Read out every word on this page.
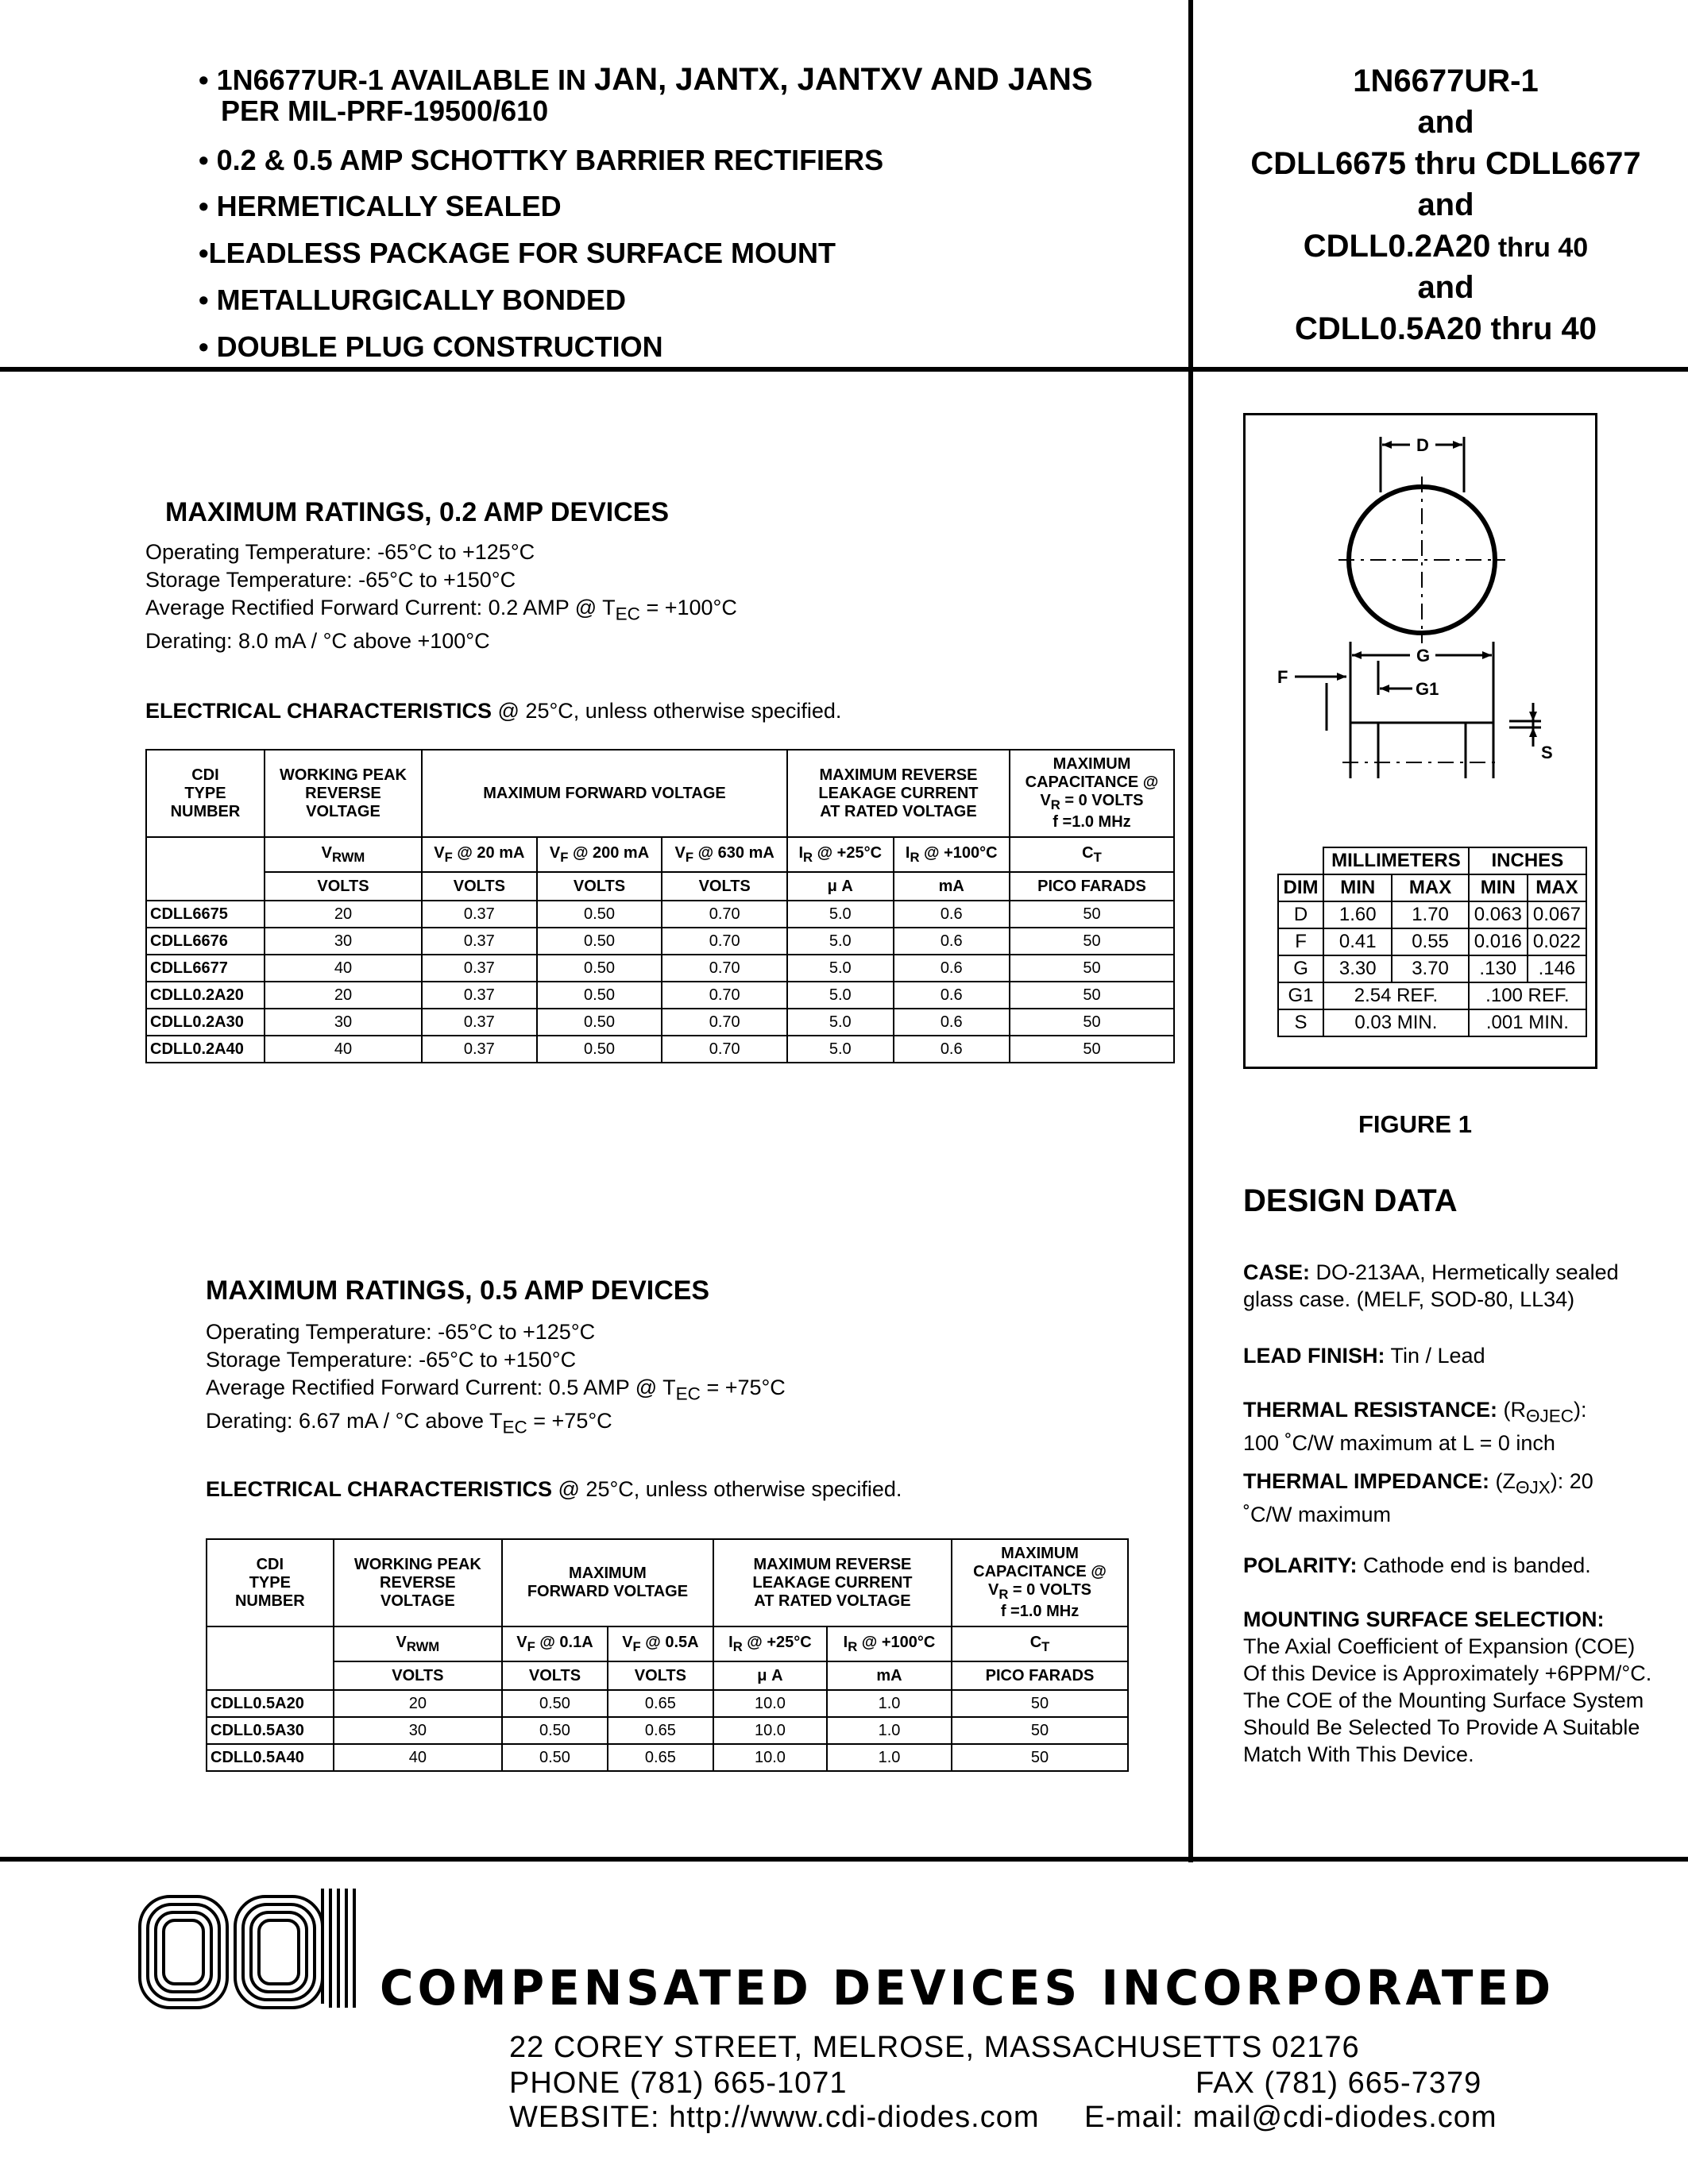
• 1N6677UR-1 AVAILABLE IN JAN, JANTX, JANTXV AND JANS
PER MIL-PRF-19500/610
• 0.2 & 0.5 AMP SCHOTTKY BARRIER RECTIFIERS
• HERMETICALLY SEALED
•LEADLESS PACKAGE FOR SURFACE MOUNT
• METALLURGICALLY BONDED
• DOUBLE PLUG CONSTRUCTION
1N6677UR-1
and
CDLL6675 thru CDLL6677
and
CDLL0.2A20 thru 40
and
CDLL0.5A20 thru 40
MAXIMUM RATINGS, 0.2 AMP DEVICES
Operating Temperature: -65°C to +125°C
Storage Temperature: -65°C to +150°C
Average Rectified Forward Current: 0.2 AMP @ $T_{EC} = +100^\circ C$
Derating: 8.0 mA / °C above +100°C
ELECTRICAL CHARACTERISTICS @ 25°C, unless otherwise specified.
CDI
TYPE
NUMBER	WORKING PEAK
REVERSE
VOLTAGE	MAXIMUM FORWARD VOLTAGE			MAXIMUM REVERSE
LEAKAGE CURRENT
AT RATED VOLTAGE		MAXIMUM
CAPACITANCE @
$V_R = 0$ VOLTS
f =1.0 MHz
	$V_{RWM}$	$V_F$ @ 20 mA	$V_F$ @ 200 mA	$V_F$ @ 630 mA	$I_R$ @ +25°C	$I_R$ @ +100°C	$C_T$
	VOLTS	VOLTS	VOLTS	VOLTS	μ A	mA	PICO FARADS
CDLL6675	20	0.37	0.50	0.70	5.0	0.6	50
CDLL6676	30	0.37	0.50	0.70	5.0	0.6	50
CDLL6677	40	0.37	0.50	0.70	5.0	0.6	50
CDLL0.2A20	20	0.37	0.50	0.70	5.0	0.6	50
CDLL0.2A30	30	0.37	0.50	0.70	5.0	0.6	50
CDLL0.2A40	40	0.37	0.50	0.70	5.0	0.6	50
MAXIMUM RATINGS, 0.5 AMP DEVICES
Operating Temperature: -65°C to +125°C
Storage Temperature: -65°C to +150°C
Average Rectified Forward Current: 0.5 AMP @ $T_{EC} = +75^\circ C$
Derating: 6.67 mA / °C above $T_{EC} = +75^\circ C$
ELECTRICAL CHARACTERISTICS @ 25°C, unless otherwise specified.
CDI
TYPE
NUMBER	WORKING PEAK
REVERSE
VOLTAGE	MAXIMUM
FORWARD VOLTAGE		MAXIMUM REVERSE
LEAKAGE CURRENT
AT RATED VOLTAGE		MAXIMUM
CAPACITANCE @
$V_R = 0$ VOLTS
f =1.0 MHz
	$V_{RWM}$	$V_F$ @ 0.1A	$V_F$ @ 0.5A	$I_R$ @ +25°C	$I_R$ @ +100°C	$C_T$
	VOLTS	VOLTS	VOLTS	μ A	mA	PICO FARADS
CDLL0.5A20	20	0.50	0.65	10.0	1.0	50
CDLL0.5A30	30	0.50	0.65	10.0	1.0	50
CDLL0.5A40	40	0.50	0.65	10.0	1.0	50
D
G
F
G1
S
	MILLIMETERS		INCHES	
DIM	MIN	MAX	MIN	MAX
D	1.60	1.70	0.063	0.067
F	0.41	0.55	0.016	0.022
G	3.30	3.70	.130	.146
G1	2.54 REF.		.100 REF.	
S	0.03 MIN.		.001 MIN.	
FIGURE 1
DESIGN DATA
CASE: DO-213AA, Hermetically sealed glass case. (MELF, SOD-80, LL34)
LEAD FINISH: Tin / Lead
THERMAL RESISTANCE: $(R_{\Theta JEC})$:
100 ˚C/W maximum at L = 0 inch
THERMAL IMPEDANCE: $(Z_{\Theta JX})$: 20
˚C/W maximum
POLARITY: Cathode end is banded.
MOUNTING SURFACE SELECTION:
The Axial Coefficient of Expansion (COE) Of this Device is Approximately +6PPM/°C. The COE of the Mounting Surface System Should Be Selected To Provide A Suitable Match With This Device.
COMPENSATED DEVICES INCORPORATED
22 COREY STREET, MELROSE, MASSACHUSETTS 02176
PHONE (781) 665-1071	FAX (781) 665-7379
WEBSITE: http://www.cdi-diodes.com E-mail: mail@cdi-diodes.com
